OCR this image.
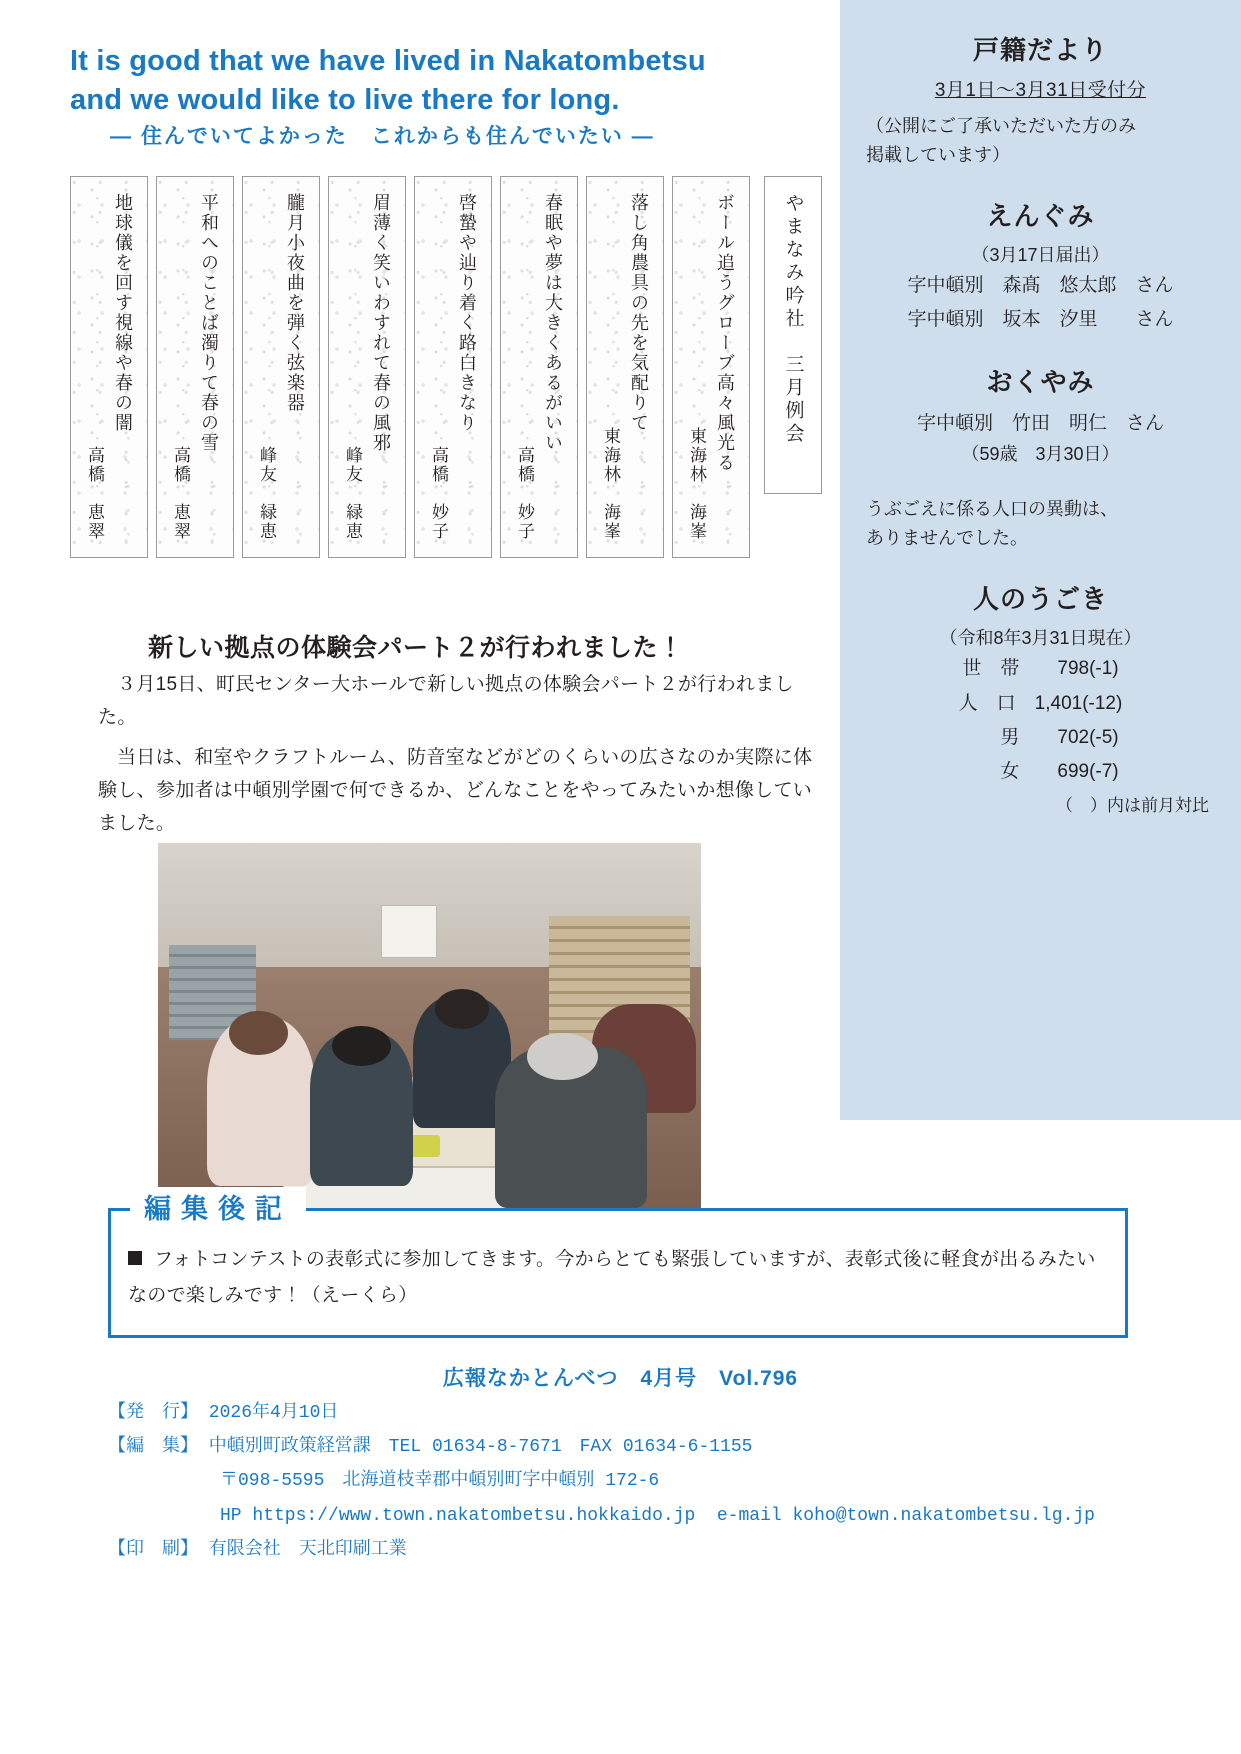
It is good that we have lived in Nakatombetsu
and we would like to live there for long.
― 住んでいてよかった　これからも住んでいたい ―
やまなみ吟社　三月例会
東海林　海峯
ボール追うグローブ高々風光る
東海林　海峯
落し角農具の先を気配りて
高橋　妙子
春眠や夢は大きくあるがいい
高橋　妙子
啓蟄や辿り着く路白きなり
峰友　緑恵
眉薄く笑いわすれて春の風邪
峰友　緑恵
朧月小夜曲を弾く弦楽器
高橋　恵翠
平和へのことば濁りて春の雪
高橋　恵翠
地球儀を回す視線や春の闇
新しい拠点の体験会パート２が行われました！

３月15日、町民センター大ホールで新しい拠点の体験会パート２が行われました。

当日は、和室やクラフトルーム、防音室などがどのくらいの広さなのか実際に体験し、参加者は中頓別学園で何できるか、どんなことをやってみたいか想像していました。

戸籍だより
3月1日〜3月31日受付分
（公開にご了承いただいた方のみ
掲載しています）
えんぐみ
（3月17日届出）
字中頓別　森髙　悠太郎　さん
字中頓別　坂本　汐里　　さん
おくやみ
字中頓別　竹田　明仁　さん
（59歳　3月30日）
うぶごえに係る人口の異動は、
ありませんでした。
人のうごき
（令和8年3月31日現在）
世　帯　　798(-1)
人　口　1,401(-12)
　　男　　702(-5)
　　女　　699(-7)
（　）内は前月対比
編集後記
フォトコンテストの表彰式に参加してきます。今からとても緊張していますが、表彰式後に軽食が出るみたいなので楽しみです！（えーくら）
広報なかとんべつ　4月号　Vol.796
【発　行】 2026年4月10日
【編　集】 中頓別町政策経営課　TEL 01634-8-7671　FAX 01634-6-1155
〒098-5595　北海道枝幸郡中頓別町字中頓別 172-6
HP https://www.town.nakatombetsu.hokkaido.jp  e-mail koho@town.nakatombetsu.lg.jp
【印　刷】 有限会社　天北印刷工業
